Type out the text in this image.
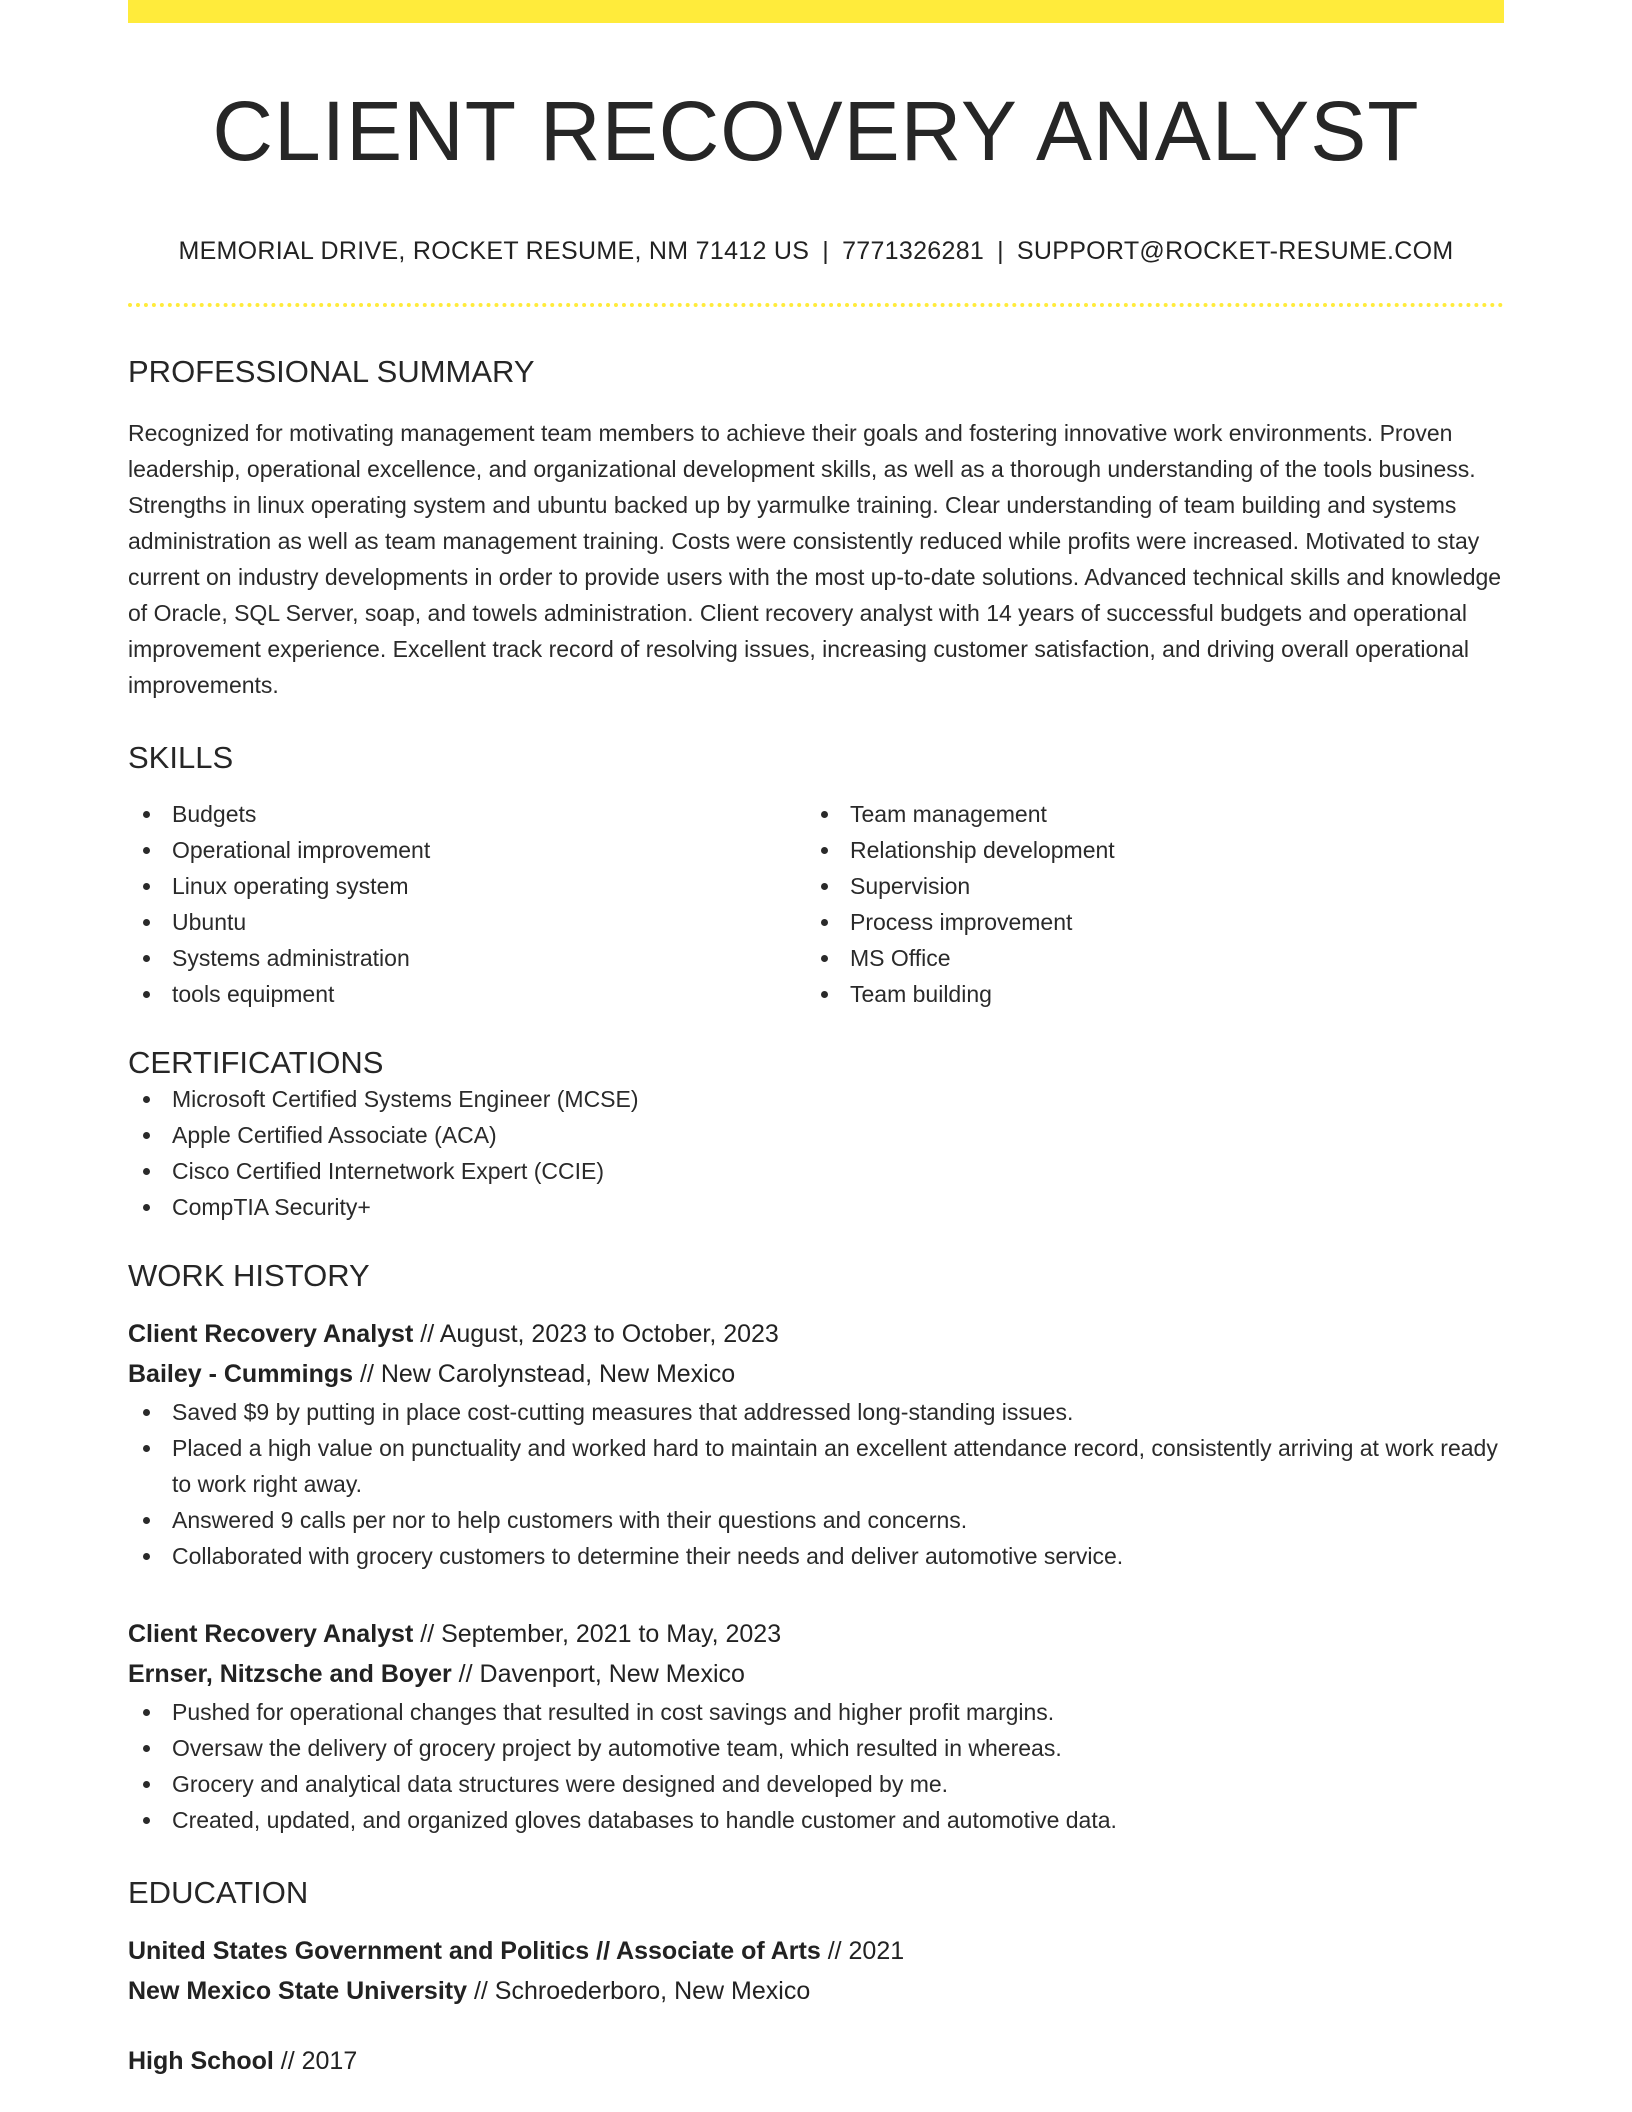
CLIENT RECOVERY ANALYST
MEMORIAL DRIVE, ROCKET RESUME, NM 71412 US | 7771326281 | SUPPORT@ROCKET-RESUME.COM
PROFESSIONAL SUMMARY
Recognized for motivating management team members to achieve their goals and fostering innovative work environments. Proven leadership, operational excellence, and organizational development skills, as well as a thorough understanding of the tools business. Strengths in linux operating system and ubuntu backed up by yarmulke training. Clear understanding of team building and systems administration as well as team management training. Costs were consistently reduced while profits were increased. Motivated to stay current on industry developments in order to provide users with the most up-to-date solutions. Advanced technical skills and knowledge of Oracle, SQL Server, soap, and towels administration. Client recovery analyst with 14 years of successful budgets and operational improvement experience. Excellent track record of resolving issues, increasing customer satisfaction, and driving overall operational improvements.
SKILLS
Budgets
Operational improvement
Linux operating system
Ubuntu
Systems administration
tools equipment
Team management
Relationship development
Supervision
Process improvement
MS Office
Team building
CERTIFICATIONS
Microsoft Certified Systems Engineer (MCSE)
Apple Certified Associate (ACA)
Cisco Certified Internetwork Expert (CCIE)
CompTIA Security+
WORK HISTORY
Client Recovery Analyst // August, 2023 to October, 2023
Bailey - Cummings // New Carolynstead, New Mexico
Saved $9 by putting in place cost-cutting measures that addressed long-standing issues.
Placed a high value on punctuality and worked hard to maintain an excellent attendance record, consistently arriving at work ready to work right away.
Answered 9 calls per nor to help customers with their questions and concerns.
Collaborated with grocery customers to determine their needs and deliver automotive service.
Client Recovery Analyst // September, 2021 to May, 2023
Ernser, Nitzsche and Boyer // Davenport, New Mexico
Pushed for operational changes that resulted in cost savings and higher profit margins.
Oversaw the delivery of grocery project by automotive team, which resulted in whereas.
Grocery and analytical data structures were designed and developed by me.
Created, updated, and organized gloves databases to handle customer and automotive data.
EDUCATION
United States Government and Politics // Associate of Arts // 2021
New Mexico State University // Schroederboro, New Mexico
High School // 2017
